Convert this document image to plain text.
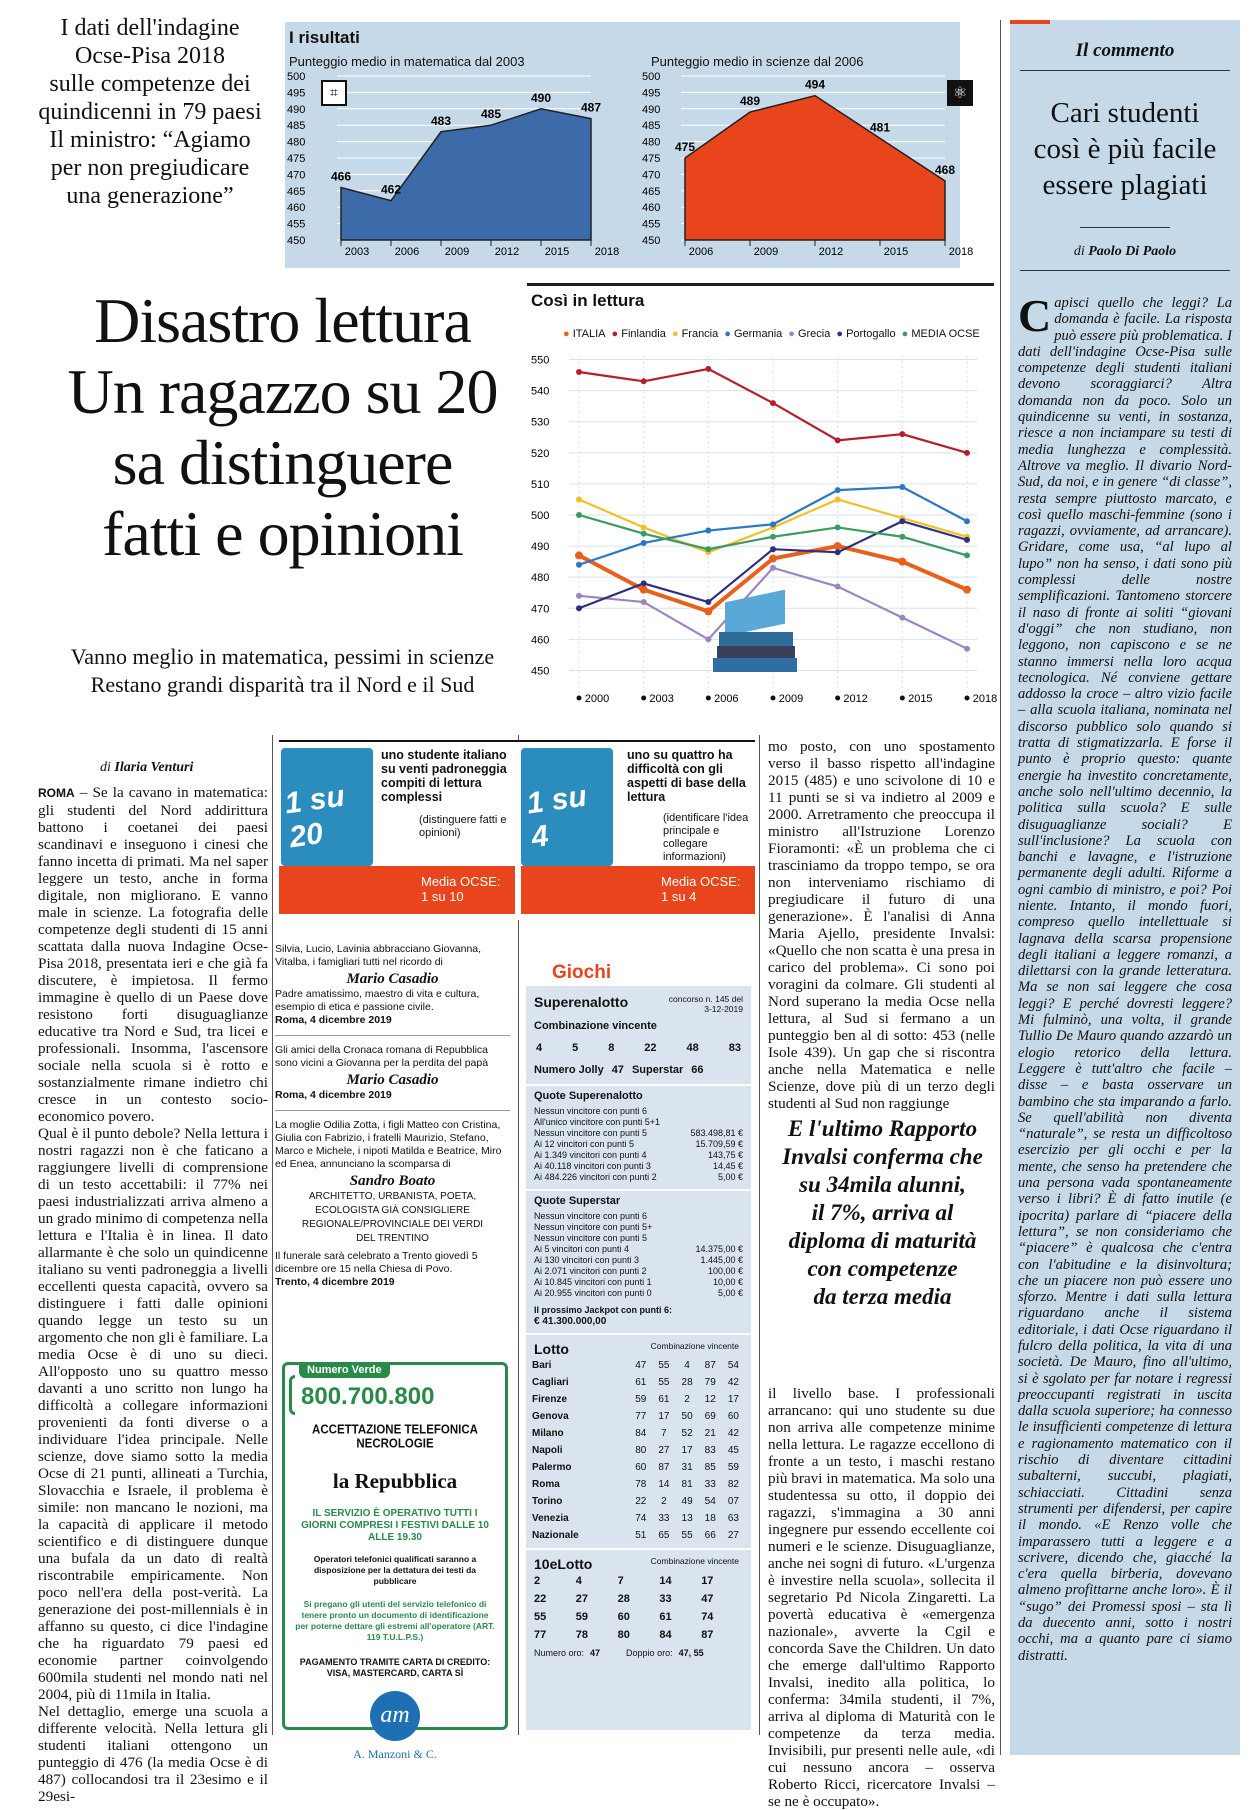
I dati dell'indagine
Ocse-Pisa 2018
sulle competenze dei
quindicenni in 79 paesi
Il ministro: “Agiamo
per non pregiudicare
una generazione”
I risultati
Punteggio medio in matematica dal 2003	Punteggio medio in scienze dal 2006
500
495
490
485
480
475
470
465
460
455
450
466
462
483 485
490
487
2003 2006 2009 2012 2015 2018
500
495
490
485
480
475
470
465
460
455
450
475
489
494
481
468
2006	2009	2012	2015	2018
⌗	⚛
Disastro lettura
Un ragazzo su 20
sa distinguere
fatti e opinioni
Vanno meglio in matematica, pessimi in scienze
Restano grandi disparità tra il Nord e il Sud
Così in lettura
● ITALIA ● Finlandia ● Francia ● Germania ● Grecia ● Portogallo ● MEDIA OCSE
550
540
530
520
510
500
490
480
470
460
450
2000	2003	2006	2009	2012	2015	2018
di Ilaria Venturi

ROMA – Se la cavano in matematica: gli studenti del Nord addirittura battono i coetanei dei paesi scandinavi e inseguono i cinesi che fanno incetta di primati. Ma nel saper leggere un testo, anche in forma digitale, non migliorano. E vanno male in scienze. La fotografia delle competenze degli studenti di 15 anni scattata dalla nuova Indagine Ocse-Pisa 2018, presentata ieri e che già fa discutere, è impietosa. Il fermo immagine è quello di un Paese dove resistono forti disuguaglianze educative tra Nord e Sud, tra licei e professionali. Insomma, l'ascensore sociale nella scuola si è rotto e sostanzialmente rimane indietro chi cresce in un contesto socio-economico povero.

Qual è il punto debole? Nella lettura i nostri ragazzi non è che faticano a raggiungere livelli di comprensione di un testo accettabili: il 77% nei paesi industrializzati arriva almeno a un grado minimo di competenza nella lettura e l'Italia è in linea. Il dato allarmante è che solo un quindicenne italiano su venti padroneggia a livelli eccellenti questa capacità, ovvero sa distinguere i fatti dalle opinioni quando legge un testo su un argomento che non gli è familiare. La media Ocse è di uno su dieci. All'opposto uno su quattro messo davanti a uno scritto non lungo ha difficoltà a collegare informazioni provenienti da fonti diverse o a individuare l'idea principale. Nelle scienze, dove siamo sotto la media Ocse di 21 punti, allineati a Turchia, Slovacchia e Israele, il problema è simile: non mancano le nozioni, ma la capacità di applicare il metodo scientifico e di distinguere dunque una bufala da un dato di realtà riscontrabile empiricamente. Non poco nell'era della post-verità. La generazione dei post-millennials è in affanno su questo, ci dice l'indagine che ha riguardato 79 paesi ed economie partner coinvolgendo 600mila studenti nel mondo nati nel 2004, più di 11mila in Italia.

Nel dettaglio, emerge una scuola a differente velocità. Nella lettura gli studenti italiani ottengono un punteggio di 476 (la media Ocse è di 487) collocandosi tra il 23esimo e il 29esi-

1 su 20
uno studente italiano su venti padroneggia compiti di lettura complessi
(distinguere fatti e opinioni)
Media OCSE: 1 su 10
1 su 4
uno su quattro ha difficoltà con gli aspetti di base della lettura
(identificare l'idea principale e collegare informazioni)
Media OCSE: 1 su 4
Silvia, Lucio, Lavinia abbracciano Giovanna, Vitalba, i famigliari tutti nel ricordo di
Mario Casadio
Padre amatissimo, maestro di vita e cultura, esempio di etica e passione civile.
Roma, 4 dicembre 2019
Gli amici della Cronaca romana di Repubblica sono vicini a Giovanna per la perdita del papà
Mario Casadio
Roma, 4 dicembre 2019
La moglie Odilia Zotta, i figli Matteo con Cristina, Giulia con Fabrizio, i fratelli Maurizio, Stefano, Marco e Michele, i nipoti Matilda e Beatrice, Miro ed Enea, annunciano la scomparsa di
Sandro Boato
ARCHITETTO, URBANISTA, POETA, ECOLOGISTA GIÀ CONSIGLIERE REGIONALE/PROVINCIALE DEI VERDI DEL TRENTINO
Il funerale sarà celebrato a Trento giovedì 5 dicembre ore 15 nella Chiesa di Povo.
Trento, 4 dicembre 2019
Numero Verde
800.700.800
ACCETTAZIONE TELEFONICA NECROLOGIE
la Repubblica
IL SERVIZIO È OPERATIVO TUTTI I GIORNI COMPRESI I FESTIVI DALLE 10 ALLE 19.30
Operatori telefonici qualificati saranno a disposizione per la dettatura dei testi da pubblicare
Si pregano gli utenti del servizio telefonico di tenere pronto un documento di identificazione per poterne dettare gli estremi all'operatore (ART. 119 T.U.L.P.S.)
PAGAMENTO TRAMITE CARTA DI CREDITO: VISA, MASTERCARD, CARTA SÌ
am
A. Manzoni & C.
Giochi
Superenalotto	concorso n. 145 del 3-12-2019
Combinazione vincente
4	5	8	22	48	83
Numero Jolly 47 Superstar 66
Quote Superenalotto
Nessun vincitore con punti 6
All'unico vincitore con punti 5+1
Nessun vincitore con punti 5	583.498,81 €
Ai 12 vincitori con punti 5	15.709,59 €
Ai 1.349 vincitori con punti 4	143,75 €
Ai 40.118 vincitori con punti 3	14,45 €
Ai 484.226 vincitori con punti 2	5,00 €
Quote Superstar
Nessun vincitore con punti 6
Nessun vincitore con punti 5+
Nessun vincitore con punti 5
Ai 5 vincitori con punti 4	14.375,00 €
Ai 130 vincitori con punti 3	1.445,00 €
Ai 2.071 vincitori con punti 2	100,00 €
Ai 10.845 vincitori con punti 1	10,00 €
Ai 20.955 vincitori con punti 0	5,00 €
Il prossimo Jackpot con punti 6:
€ 41.300.000,00
Lotto	Combinazione vincente
Bari	47	55	4	87	54
Cagliari	61	55	28	79	42
Firenze	59	61	2	12	17
Genova	77	17	50	69	60
Milano	84	7	52	21	42
Napoli	80	27	17	83	45
Palermo	60	87	31	85	59
Roma	78	14	81	33	82
Torino	22	2	49	54	07
Venezia	74	33	13	18	63
Nazionale	51	65	55	66	27
10eLotto	Combinazione vincente
2	4	7	14	17
22	27	28	33	47
55	59	60	61	74
77	78	80	84	87
Numero oro: 47	Doppio oro: 47, 55
mo posto, con uno spostamento verso il basso rispetto all'indagine 2015 (485) e uno scivolone di 10 e 11 punti se si va indietro al 2009 e 2000. Arretramento che preoccupa il ministro all'Istruzione Lorenzo Fioramonti: «È un problema che ci trasciniamo da troppo tempo, se ora non interveniamo rischiamo di pregiudicare il futuro di una generazione». Ѐ l'analisi di Anna Maria Ajello, presidente Invalsi: «Quello che non scatta è una presa in carico del problema». Ci sono poi voragini da colmare. Gli studenti al Nord superano la media Ocse nella lettura, al Sud si fermano a un punteggio ben al di sotto: 453 (nelle Isole 439). Un gap che si riscontra anche nella Matematica e nelle Scienze, dove più di un terzo degli studenti al Sud non raggiunge
E l'ultimo Rapporto
Invalsi conferma che
su 34mila alunni,
il 7%, arriva al
diploma di maturità
con competenze
da terza media
il livello base. I professionali arrancano: qui uno studente su due non arriva alle competenze minime nella lettura. Le ragazze eccellono di fronte a un testo, i maschi restano più bravi in matematica. Ma solo una studentessa su otto, il doppio dei ragazzi, s'immagina a 30 anni ingegnere pur essendo eccellente coi numeri e le scienze. Disuguaglianze, anche nei sogni di futuro. «L'urgenza è investire nella scuola», sollecita il segretario Pd Nicola Zingaretti. La povertà educativa è «emergenza nazionale», avverte la Cgil e concorda Save the Children. Un dato che emerge dall'ultimo Rapporto Invalsi, inedito alla politica, lo conferma: 34mila studenti, il 7%, arriva al diploma di Maturità con le competenze da terza media. Invisibili, pur presenti nelle aule, «di cui nessuno ancora – osserva Roberto Ricci, ricercatore Invalsi – se ne è occupato».
Il commento
Cari studenti
così è più facile
essere plagiati
di Paolo Di Paolo
Capisci quello che leggi? La domanda è facile. La risposta può essere più problematica. I dati dell'indagine Ocse-Pisa sulle competenze degli studenti italiani devono scoraggiarci? Altra domanda non da poco. Solo un quindicenne su venti, in sostanza, riesce a non inciampare su testi di media lunghezza e complessità. Altrove va meglio. Il divario Nord-Sud, da noi, e in genere “di classe”, resta sempre piuttosto marcato, e così quello maschi-femmine (sono i ragazzi, ovviamente, ad arrancare). Gridare, come usa, “al lupo al lupo” non ha senso, i dati sono più complessi delle nostre semplificazioni. Tantomeno storcere il naso di fronte ai soliti “giovani d'oggi” che non studiano, non leggono, non capiscono e se ne stanno immersi nella loro acqua tecnologica. Né conviene gettare addosso la croce – altro vizio facile – alla scuola italiana, nominata nel discorso pubblico solo quando si tratta di stigmatizzarla. E forse il punto è proprio questo: quante energie ha investito concretamente, anche solo nell'ultimo decennio, la politica sulla scuola? E sulle disuguaglianze sociali? E sull'inclusione? La scuola con banchi e lavagne, e l'istruzione permanente degli adulti. Riforme a ogni cambio di ministro, e poi? Poi niente. Intanto, il mondo fuori, compreso quello intellettuale si lagnava della scarsa propensione degli italiani a leggere romanzi, a dilettarsi con la grande letteratura. Ma se non sai leggere che cosa leggi? E perché dovresti leggere? Mi fulminò, una volta, il grande Tullio De Mauro quando azzardò un elogio retorico della lettura. Leggere è tutt'altro che facile – disse – e basta osservare un bambino che sta imparando a farlo. Se quell'abilità non diventa “naturale”, se resta un difficoltoso esercizio per gli occhi e per la mente, che senso ha pretendere che una persona vada spontaneamente verso i libri? È di fatto inutile (e ipocrita) parlare di “piacere della lettura”, se non consideriamo che “piacere” è qualcosa che c'entra con l'abitudine e la disinvoltura; che un piacere non può essere uno sforzo. Mentre i dati sulla lettura riguardano anche il sistema editoriale, i dati Ocse riguardano il fulcro della politica, la vita di una società. De Mauro, fino all'ultimo, si è sgolato per far notare i regressi preoccupanti registrati in uscita dalla scuola superiore; ha connesso le insufficienti competenze di lettura e ragionamento matematico con il rischio di diventare cittadini subalterni, succubi, plagiati, schiacciati. Cittadini senza strumenti per difendersi, per capire il mondo. «E Renzo volle che imparassero tutti a leggere e a scrivere, dicendo che, giacché la c'era quella birberia, dovevano almeno profittarne anche loro». È il “sugo” dei Promessi sposi – sta lì da duecento anni, sotto i nostri occhi, ma a quanto pare ci siamo distratti.
